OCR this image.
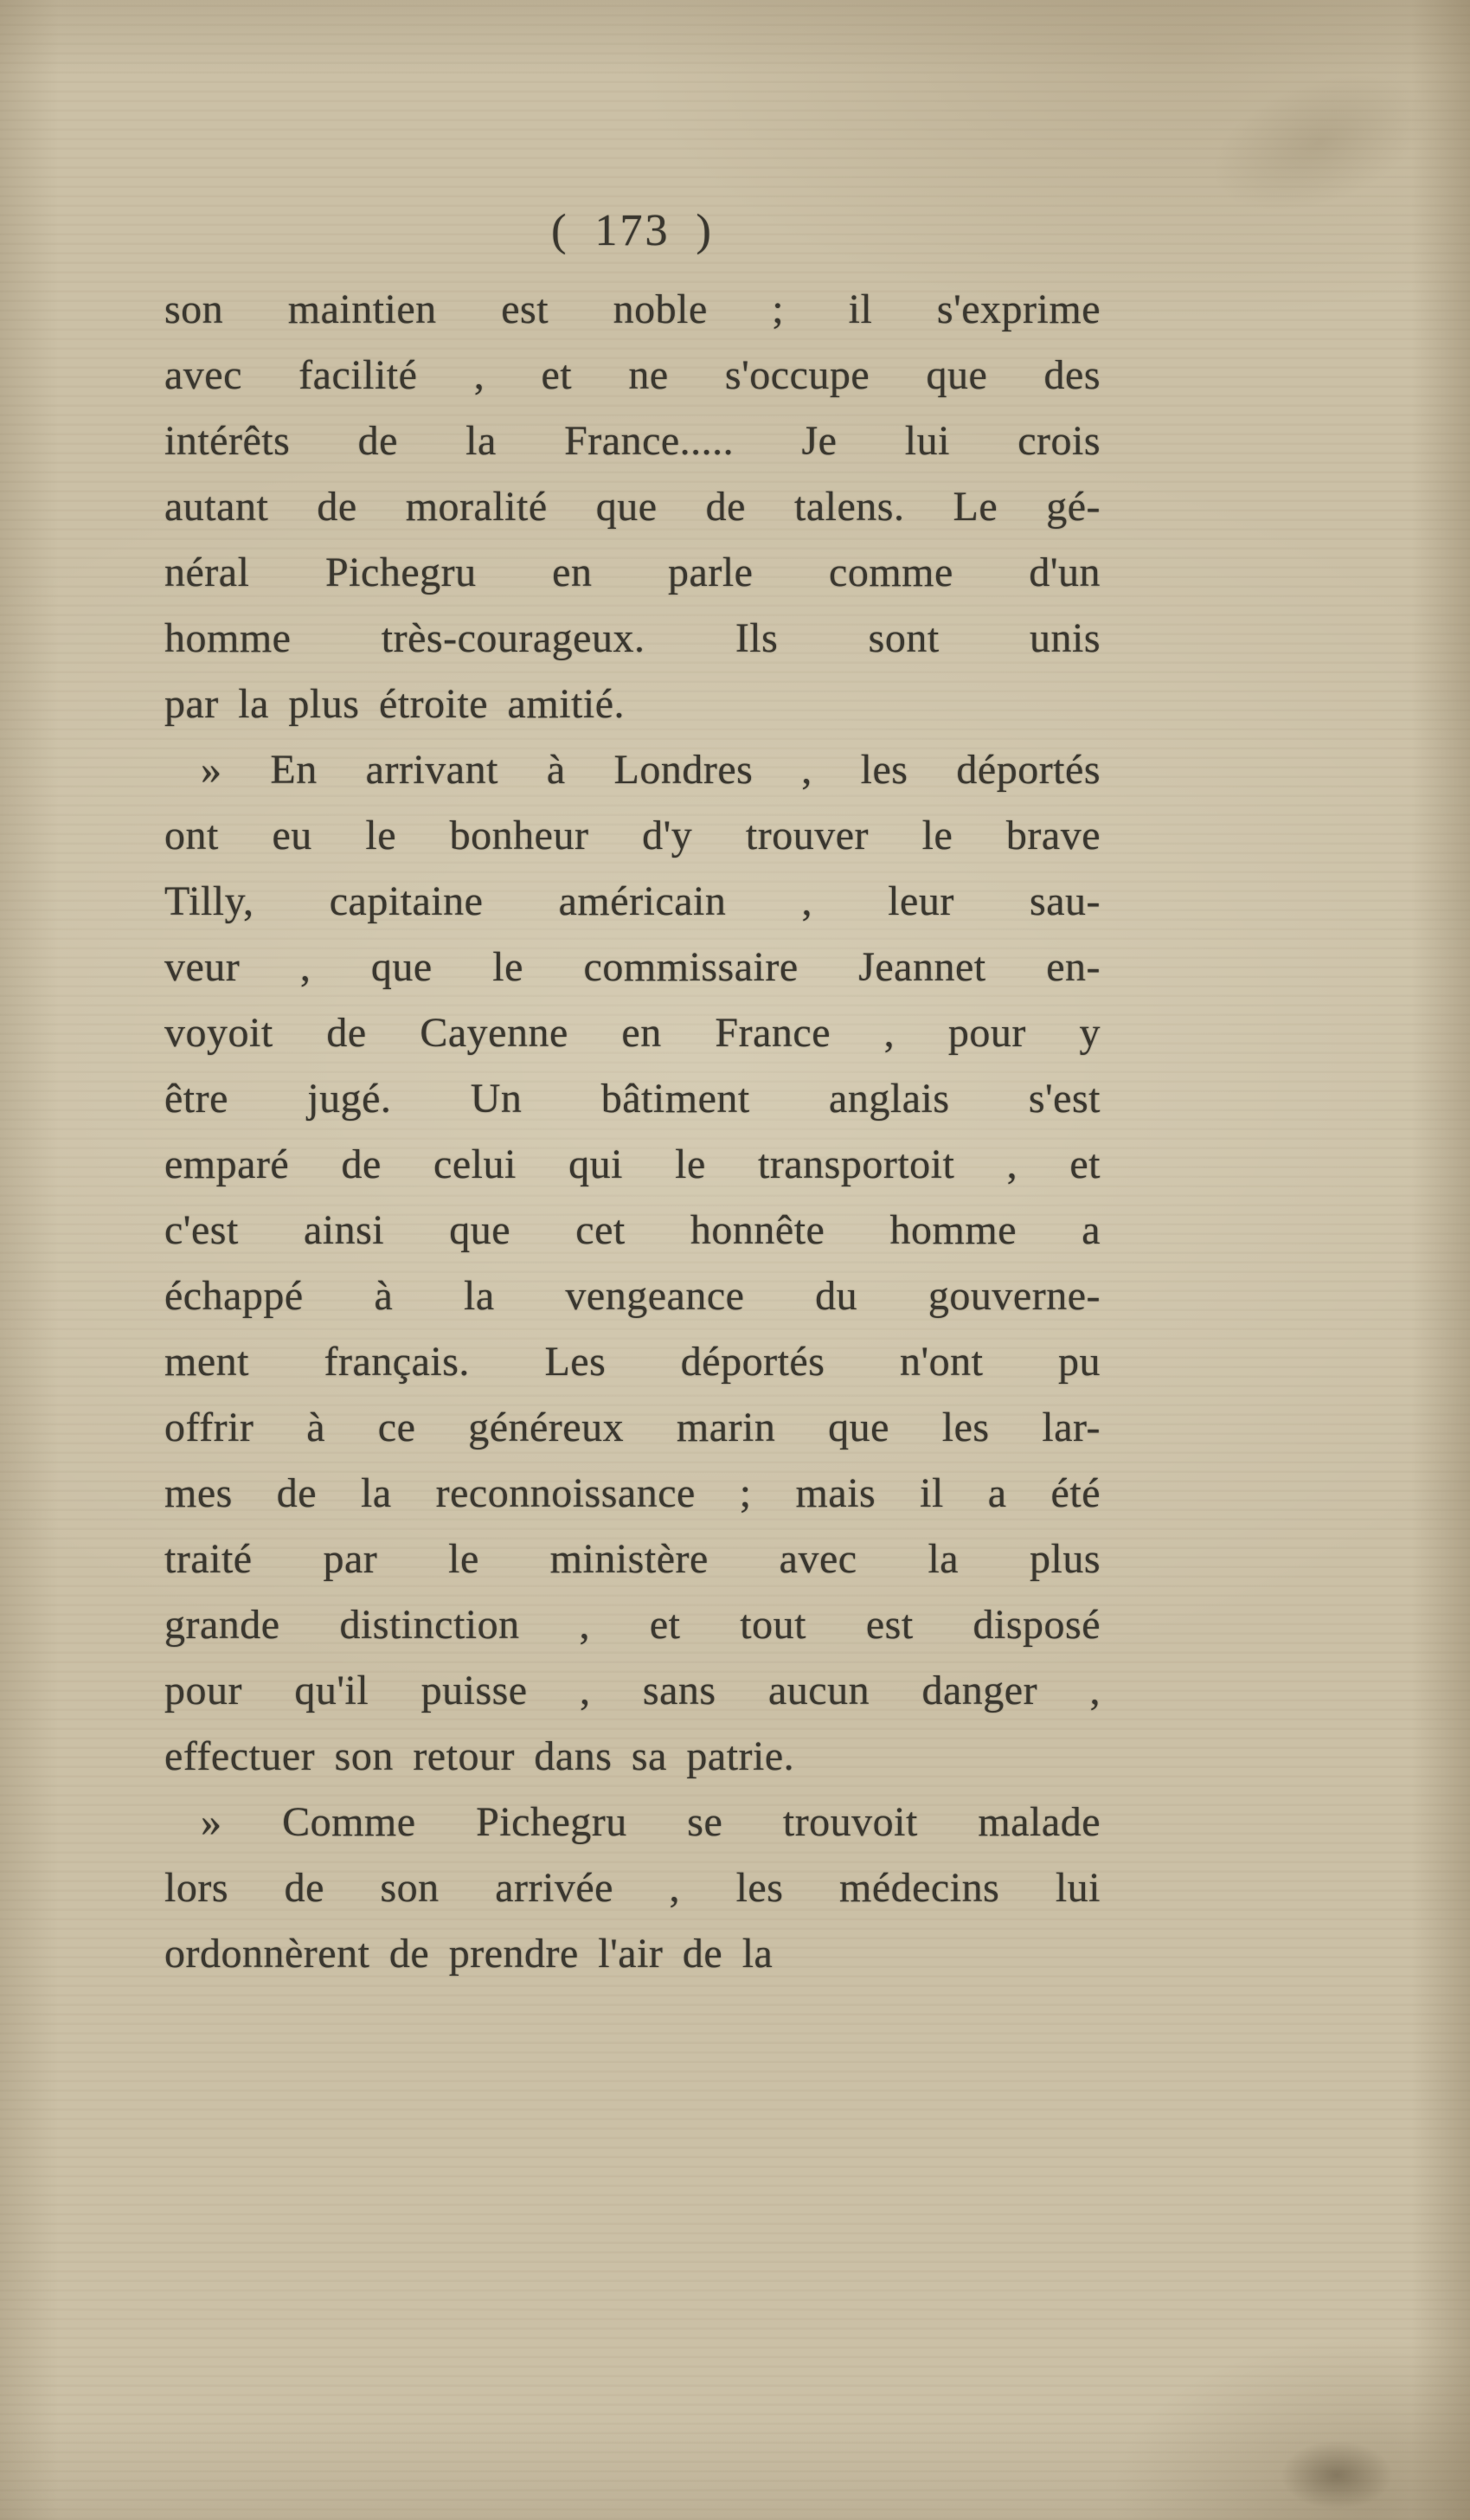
( 173 )
son maintien est noble ; il s'exprime
avec facilité , et ne s'occupe que des
intérêts de la France..... Je lui crois
autant de moralité que de talens. Le gé-
néral Pichegru en parle comme d'un
homme très-courageux. Ils sont unis
par la plus étroite amitié.
» En arrivant à Londres , les déportés
ont eu le bonheur d'y trouver le brave
Tilly, capitaine américain , leur sau-
veur , que le commissaire Jeannet en-
voyoit de Cayenne en France , pour y
être jugé. Un bâtiment anglais s'est
emparé de celui qui le transportoit , et
c'est ainsi que cet honnête homme a
échappé à la vengeance du gouverne-
ment français. Les déportés n'ont pu
offrir à ce généreux marin que les lar-
mes de la reconnoissance ; mais il a été
traité par le ministère avec la plus
grande distinction , et tout est disposé
pour qu'il puisse , sans aucun danger ,
effectuer son retour dans sa patrie.
» Comme Pichegru se trouvoit malade
lors de son arrivée , les médecins lui
ordonnèrent de prendre l'air de la
